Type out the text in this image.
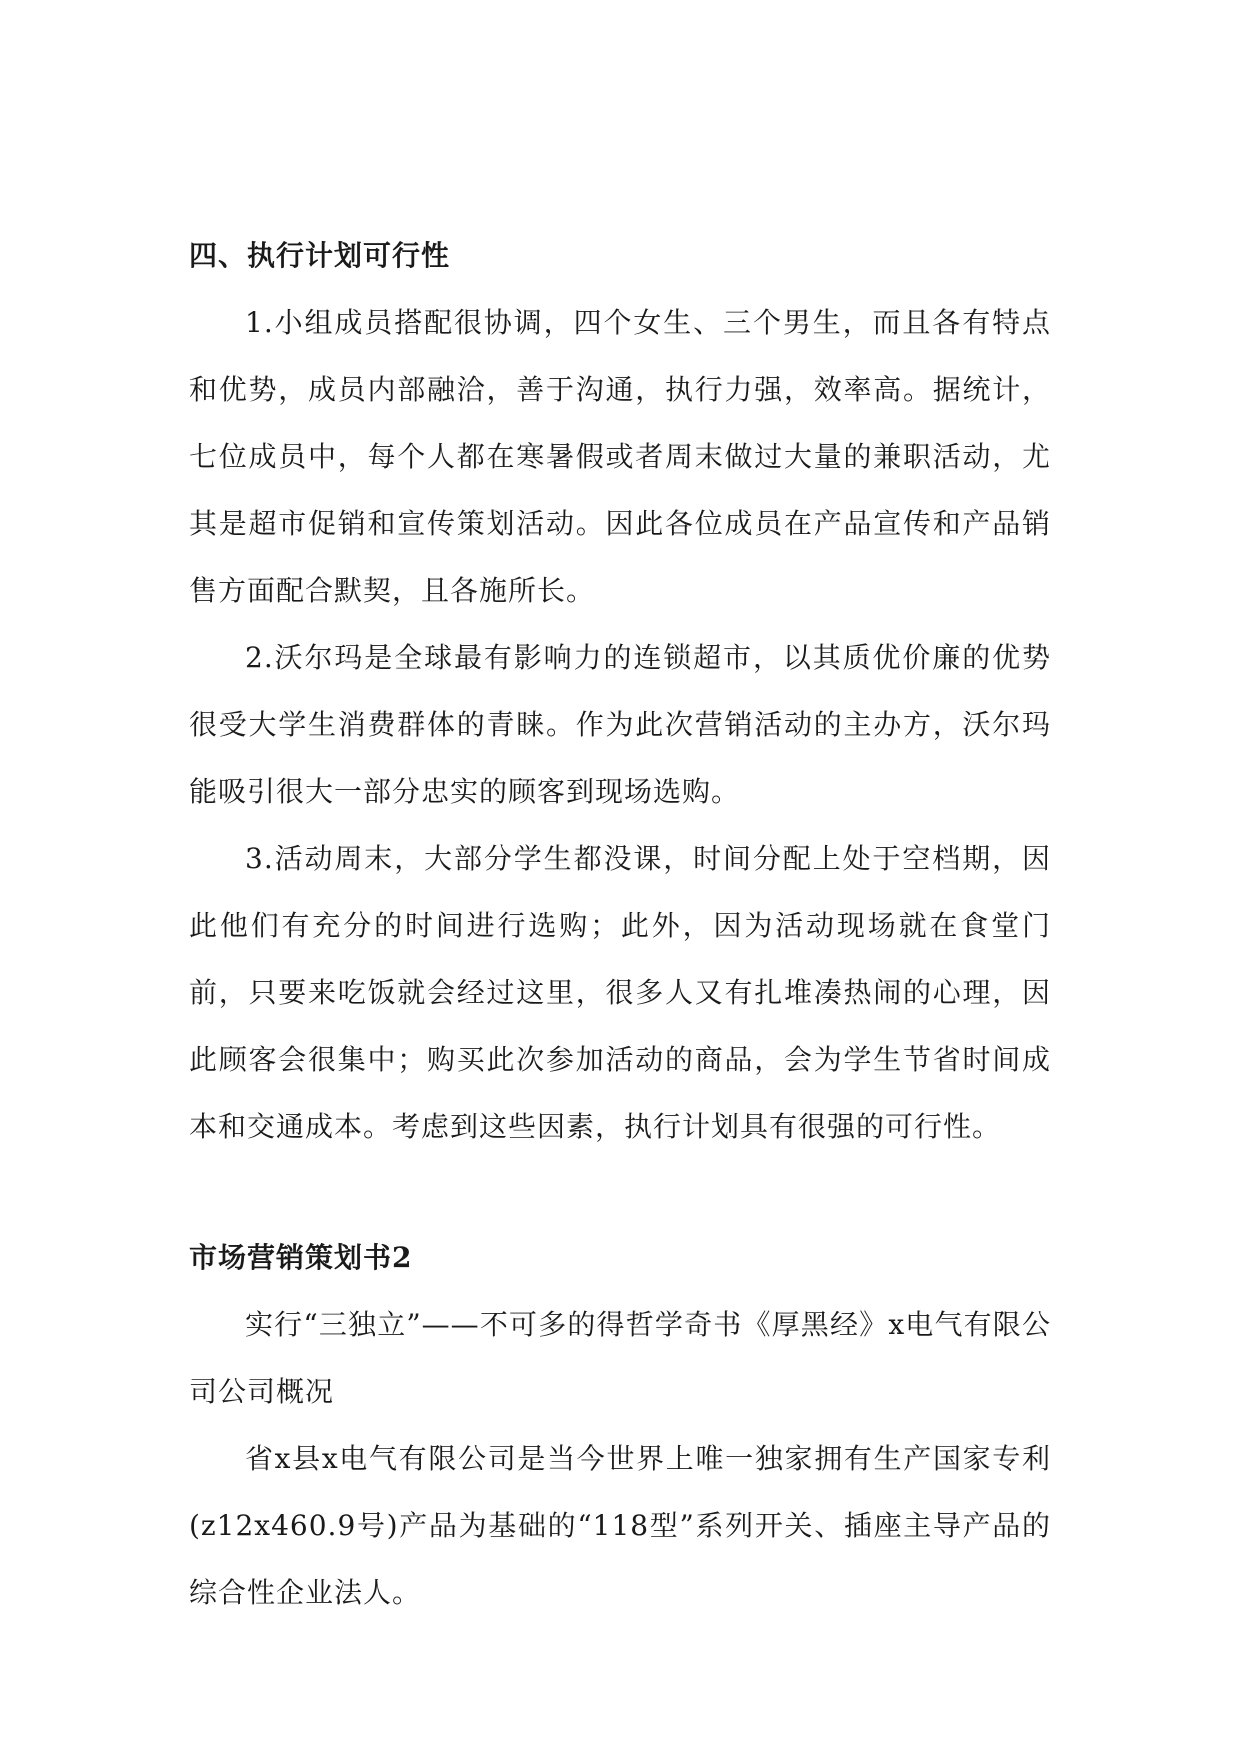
四、执行计划可行性

1.小组成员搭配很协调，四个女生、三个男生，而且各有特点和优势，成员内部融洽，善于沟通，执行力强，效率高。据统计，七位成员中，每个人都在寒暑假或者周末做过大量的兼职活动，尤其是超市促销和宣传策划活动。因此各位成员在产品宣传和产品销售方面配合默契，且各施所长。

2.沃尔玛是全球最有影响力的连锁超市，以其质优价廉的优势很受大学生消费群体的青睐。作为此次营销活动的主办方，沃尔玛能吸引很大一部分忠实的顾客到现场选购。

3.活动周末，大部分学生都没课，时间分配上处于空档期，因此他们有充分的时间进行选购；此外，因为活动现场就在食堂门前，只要来吃饭就会经过这里，很多人又有扎堆凑热闹的心理，因此顾客会很集中；购买此次参加活动的商品，会为学生节省时间成本和交通成本。考虑到这些因素，执行计划具有很强的可行性。

市场营销策划书2

实行“三独立”——不可多的得哲学奇书《厚黑经》x电气有限公司公司概况

省x县x电气有限公司是当今世界上唯一独家拥有生产国家专利(z12x460.9号)产品为基础的“118型”系列开关、插座主导产品的综合性企业法人。
